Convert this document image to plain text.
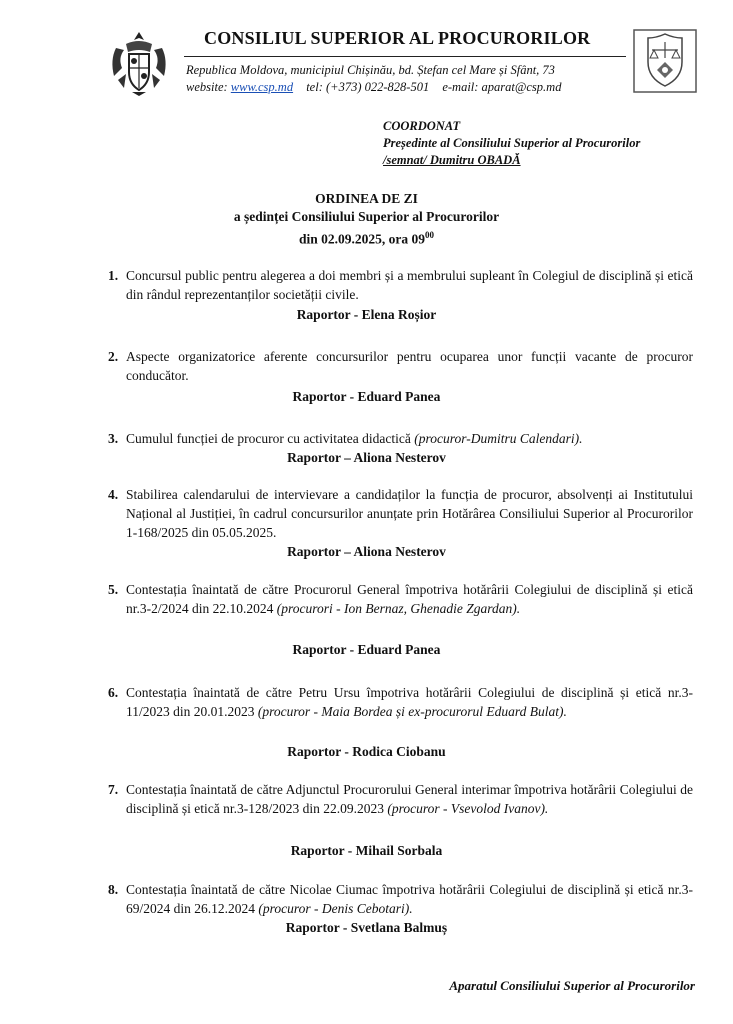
CONSILIUL SUPERIOR AL PROCURORILOR
Republica Moldova, municipiul Chișinău, bd. Ștefan cel Mare și Sfânt, 73
website: www.csp.md tel: (+373) 022-828-501 e-mail: aparat@csp.md
COORDONAT
Președinte al Consiliului Superior al Procurorilor
/semnat/ Dumitru OBADĂ
ORDINEA DE ZI
a ședinței Consiliului Superior al Procurorilor
din 02.09.2025, ora $09^{00}$
1. Concursul public pentru alegerea a doi membri și a membrului supleant în Colegiul de disciplină și etică din rândul reprezentanților societății civile.
Raportor - Elena Roșior
2. Aspecte organizatorice aferente concursurilor pentru ocuparea unor funcții vacante de procuror conducător.
Raportor - Eduard Panea
3. Cumulul funcției de procuror cu activitatea didactică (procuror-Dumitru Calendari).
Raportor – Aliona Nesterov
4. Stabilirea calendarului de intervievare a candidaților la funcția de procuror, absolvenți ai Institutului Național al Justiției, în cadrul concursurilor anunțate prin Hotărârea Consiliului Superior al Procurorilor 1-168/2025 din 05.05.2025.
Raportor – Aliona Nesterov
5. Contestația înaintată de către Procurorul General împotriva hotărârii Colegiului de disciplină și etică nr.3-2/2024 din 22.10.2024 (procurori - Ion Bernaz, Ghenadie Zgardan).
Raportor - Eduard Panea
6. Contestația înaintată de către Petru Ursu împotriva hotărârii Colegiului de disciplină și etică nr.3-11/2023 din 20.01.2023 (procuror - Maia Bordea și ex-procurorul Eduard Bulat).
Raportor - Rodica Ciobanu
7. Contestația înaintată de către Adjunctul Procurorului General interimar împotriva hotărârii Colegiului de disciplină și etică nr.3-128/2023 din 22.09.2023 (procuror - Vsevolod Ivanov).
Raportor - Mihail Sorbala
8. Contestația înaintată de către Nicolae Ciumac împotriva hotărârii Colegiului de disciplină și etică nr.3-69/2024 din 26.12.2024 (procuror - Denis Cebotari).
Raportor - Svetlana Balmuș
Aparatul Consiliului Superior al Procurorilor
